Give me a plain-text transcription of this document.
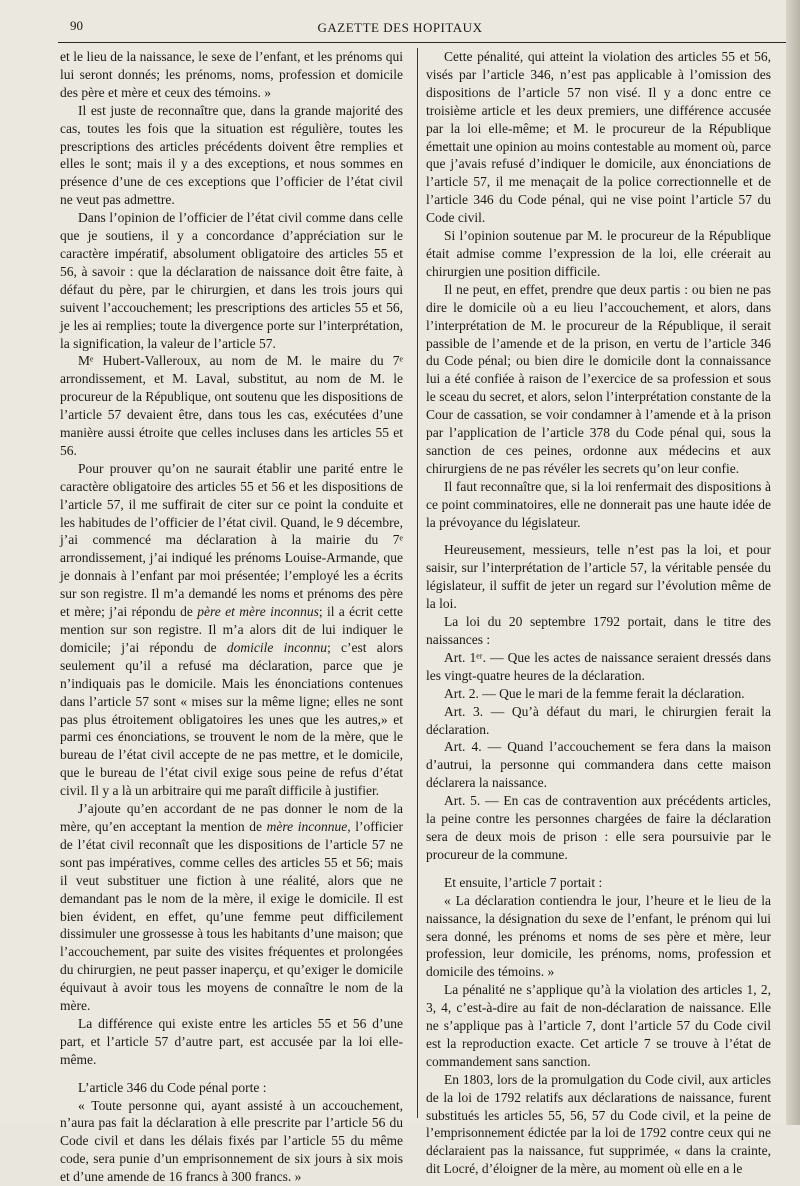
90	GAZETTE DES HOPITAUX

et le lieu de la naissance, le sexe de l’enfant, et les prénoms qui lui seront donnés; les prénoms, noms, profession et domicile des père et mère et ceux des témoins. »

Il est juste de reconnaître que, dans la grande majorité des cas, toutes les fois que la situation est régulière, toutes les prescriptions des articles précédents doivent être remplies et elles le sont; mais il y a des exceptions, et nous sommes en présence d’une de ces exceptions que l’officier de l’état civil ne veut pas admettre.

Dans l’opinion de l’officier de l’état civil comme dans celle que je soutiens, il y a concordance d’appréciation sur le caractère impératif, absolument obligatoire des articles 55 et 56, à savoir : que la déclaration de naissance doit être faite, à défaut du père, par le chirurgien, et dans les trois jours qui suivent l’accouchement; les prescriptions des articles 55 et 56, je les ai remplies; toute la divergence porte sur l’interprétation, la signification, la valeur de l’article 57.

Mᵉ Hubert-Valleroux, au nom de M. le maire du 7ᵉ arrondissement, et M. Laval, substitut, au nom de M. le procureur de la République, ont soutenu que les dispositions de l’article 57 devaient être, dans tous les cas, exécutées d’une manière aussi étroite que celles incluses dans les articles 55 et 56.

Pour prouver qu’on ne saurait établir une parité entre le caractère obligatoire des articles 55 et 56 et les dispositions de l’article 57, il me suffirait de citer sur ce point la conduite et les habitudes de l’officier de l’état civil. Quand, le 9 décembre, j’ai commencé ma déclaration à la mairie du 7ᵉ arrondissement, j’ai indiqué les prénoms Louise-Armande, que je donnais à l’enfant par moi présentée; l’employé les a écrits sur son registre. Il m’a demandé les noms et prénoms des père et mère; j’ai répondu de père et mère inconnus; il a écrit cette mention sur son registre. Il m’a alors dit de lui indiquer le domicile; j’ai répondu de domicile inconnu; c’est alors seulement qu’il a refusé ma déclaration, parce que je n’indiquais pas le domicile. Mais les énonciations contenues dans l’article 57 sont « mises sur la même ligne; elles ne sont pas plus étroitement obligatoires les unes que les autres,» et parmi ces énonciations, se trouvent le nom de la mère, que le bureau de l’état civil accepte de ne pas mettre, et le domicile, que le bureau de l’état civil exige sous peine de refus d’état civil. Il y a là un arbitraire qui me paraît difficile à justifier.

J’ajoute qu’en accordant de ne pas donner le nom de la mère, qu’en acceptant la mention de mère inconnue, l’officier de l’état civil reconnaît que les dispositions de l’article 57 ne sont pas impératives, comme celles des articles 55 et 56; mais il veut substituer une fiction à une réalité, alors que ne demandant pas le nom de la mère, il exige le domicile. Il est bien évident, en effet, qu’une femme peut difficilement dissimuler une grossesse à tous les habitants d’une maison; que l’accouchement, par suite des visites fréquentes et prolongées du chirurgien, ne peut passer inaperçu, et qu’exiger le domicile équivaut à avoir tous les moyens de connaître le nom de la mère.

La différence qui existe entre les articles 55 et 56 d’une part, et l’article 57 d’autre part, est accusée par la loi elle-même.

L’article 346 du Code pénal porte :

« Toute personne qui, ayant assisté à un accouchement, n’aura pas fait la déclaration à elle prescrite par l’article 56 du Code civil et dans les délais fixés par l’article 55 du même code, sera punie d’un emprisonnement de six jours à six mois et d’une amende de 16 francs à 300 francs. »

Cette pénalité, qui atteint la violation des articles 55 et 56, visés par l’article 346, n’est pas applicable à l’omission des dispositions de l’article 57 non visé. Il y a donc entre ce troisième article et les deux premiers, une différence accusée par la loi elle-même; et M. le procureur de la République émettait une opinion au moins contestable au moment où, parce que j’avais refusé d’indiquer le domicile, aux énonciations de l’article 57, il me menaçait de la police correctionnelle et de l’article 346 du Code pénal, qui ne vise point l’article 57 du Code civil.

Si l’opinion soutenue par M. le procureur de la République était admise comme l’expression de la loi, elle créerait au chirurgien une position difficile.

Il ne peut, en effet, prendre que deux partis : ou bien ne pas dire le domicile où a eu lieu l’accouchement, et alors, dans l’interprétation de M. le procureur de la République, il serait passible de l’amende et de la prison, en vertu de l’article 346 du Code pénal; ou bien dire le domicile dont la connaissance lui a été confiée à raison de l’exercice de sa profession et sous le sceau du secret, et alors, selon l’interprétation constante de la Cour de cassation, se voir condamner à l’amende et à la prison par l’application de l’article 378 du Code pénal qui, sous la sanction de ces peines, ordonne aux médecins et aux chirurgiens de ne pas révéler les secrets qu’on leur confie.

Il faut reconnaître que, si la loi renfermait des dispositions à ce point comminatoires, elle ne donnerait pas une haute idée de la prévoyance du législateur.

Heureusement, messieurs, telle n’est pas la loi, et pour saisir, sur l’interprétation de l’article 57, la véritable pensée du législateur, il suffit de jeter un regard sur l’évolution même de la loi.

La loi du 20 septembre 1792 portait, dans le titre des naissances :

Art. 1ᵉʳ. — Que les actes de naissance seraient dressés dans les vingt-quatre heures de la déclaration.

Art. 2. — Que le mari de la femme ferait la déclaration.

Art. 3. — Qu’à défaut du mari, le chirurgien ferait la déclaration.

Art. 4. — Quand l’accouchement se fera dans la maison d’autrui, la personne qui commandera dans cette maison déclarera la naissance.

Art. 5. — En cas de contravention aux précédents articles, la peine contre les personnes chargées de faire la déclaration sera de deux mois de prison : elle sera poursuivie par le procureur de la commune.

Et ensuite, l’article 7 portait :

« La déclaration contiendra le jour, l’heure et le lieu de la naissance, la désignation du sexe de l’enfant, le prénom qui lui sera donné, les prénoms et noms de ses père et mère, leur profession, leur domicile, les prénoms, noms, profession et domicile des témoins. »

La pénalité ne s’applique qu’à la violation des articles 1, 2, 3, 4, c’est-à-dire au fait de non-déclaration de naissance. Elle ne s’applique pas à l’article 7, dont l’article 57 du Code civil est la reproduction exacte. Cet article 7 se trouve à l’état de commandement sans sanction.

En 1803, lors de la promulgation du Code civil, aux articles de la loi de 1792 relatifs aux déclarations de naissance, furent substitués les articles 55, 56, 57 du Code civil, et la peine de l’emprisonnement édictée par la loi de 1792 contre ceux qui ne déclaraient pas la naissance, fut supprimée, « dans la crainte, dit Locré, d’éloigner de la mère, au moment où elle en a le
